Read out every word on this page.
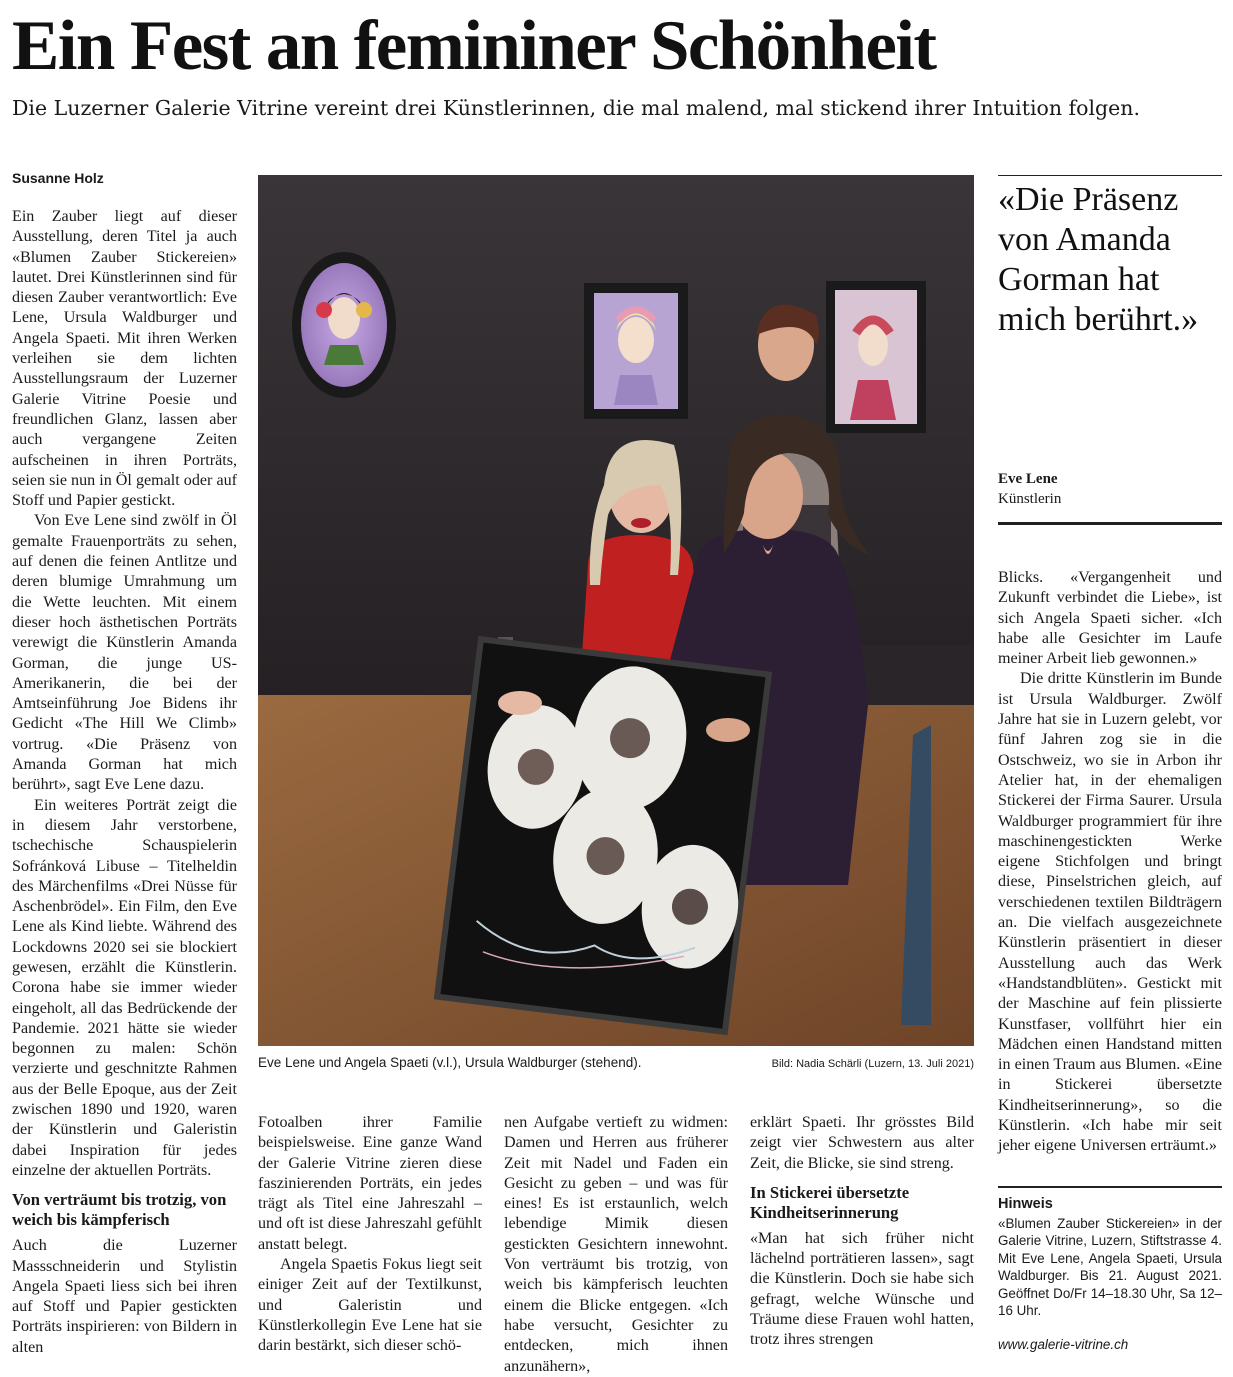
Ein Fest an femininer Schönheit

Die Luzerner Galerie Vitrine vereint drei Künstlerinnen, die mal malend, mal stickend ihrer Intuition folgen.

Susanne Holz

Ein Zauber liegt auf dieser Ausstellung, deren Titel ja auch «Blumen Zauber Stickereien» lautet. Drei Künstlerinnen sind für diesen Zauber verantwortlich: Eve Lene, Ursula Waldburger und Angela Spaeti. Mit ihren Werken verleihen sie dem lichten Ausstellungsraum der Luzerner Galerie Vitrine Poesie und freundlichen Glanz, lassen aber auch vergangene Zeiten aufscheinen in ihren Porträts, seien sie nun in Öl gemalt oder auf Stoff und Papier gestickt.

Von Eve Lene sind zwölf in Öl gemalte Frauenporträts zu sehen, auf denen die feinen Antlitze und deren blumige Umrahmung um die Wette leuchten. Mit einem dieser hoch ästhetischen Porträts verewigt die Künstlerin Amanda Gorman, die junge US-Amerikanerin, die bei der Amtseinführung Joe Bidens ihr Gedicht «The Hill We Climb» vortrug. «Die Präsenz von Amanda Gorman hat mich berührt», sagt Eve Lene dazu.

Ein weiteres Porträt zeigt die in diesem Jahr verstorbene, tschechische Schauspielerin Sofránková Libuse – Titelheldin des Märchenfilms «Drei Nüsse für Aschenbrödel». Ein Film, den Eve Lene als Kind liebte. Während des Lockdowns 2020 sei sie blockiert gewesen, erzählt die Künstlerin. Corona habe sie immer wieder eingeholt, all das Bedrückende der Pandemie. 2021 hätte sie wieder begonnen zu malen: Schön verzierte und geschnitzte Rahmen aus der Belle Epoque, aus der Zeit zwischen 1890 und 1920, waren der Künstlerin und Galeristin dabei Inspiration für jedes einzelne der aktuellen Porträts.

Von verträumt bis trotzig, von weich bis kämpferisch

Auch die Luzerner Massschneiderin und Stylistin Angela Spaeti liess sich bei ihren auf Stoff und Papier gestickten Porträts inspirieren: von Bildern in alten

Eve Lene und Angela Spaeti (v.l.), Ursula Waldburger (stehend).	Bild: Nadia Schärli (Luzern, 13. Juli 2021)
«Die Präsenz von Amanda Gorman hat mich berührt.»
Eve Lene
Künstlerin

Blicks. «Vergangenheit und Zukunft verbindet die Liebe», ist sich Angela Spaeti sicher. «Ich habe alle Gesichter im Laufe meiner Arbeit lieb gewonnen.»

Die dritte Künstlerin im Bunde ist Ursula Waldburger. Zwölf Jahre hat sie in Luzern gelebt, vor fünf Jahren zog sie in die Ostschweiz, wo sie in Arbon ihr Atelier hat, in der ehemaligen Stickerei der Firma Saurer. Ursula Waldburger programmiert für ihre maschinengestickten Werke eigene Stichfolgen und bringt diese, Pinselstrichen gleich, auf verschiedenen textilen Bildträgern an. Die vielfach ausgezeichnete Künstlerin präsentiert in dieser Ausstellung auch das Werk «Handstandblüten». Gestickt mit der Maschine auf fein plissierte Kunstfaser, vollführt hier ein Mädchen einen Handstand mitten in einen Traum aus Blumen. «Eine in Stickerei übersetzte Kindheitserinnerung», so die Künstlerin. «Ich habe mir seit jeher eigene Universen erträumt.»

Fotoalben ihrer Familie beispielsweise. Eine ganze Wand der Galerie Vitrine zieren diese faszinierenden Porträts, ein jedes trägt als Titel eine Jahreszahl – und oft ist diese Jahreszahl gefühlt anstatt belegt.

Angela Spaetis Fokus liegt seit einiger Zeit auf der Textilkunst, und Galeristin und Künstlerkollegin Eve Lene hat sie darin bestärkt, sich dieser schö-

nen Aufgabe vertieft zu widmen: Damen und Herren aus früherer Zeit mit Nadel und Faden ein Gesicht zu geben – und was für eines! Es ist erstaunlich, welch lebendige Mimik diesen gestickten Gesichtern innewohnt. Von verträumt bis trotzig, von weich bis kämpferisch leuchten einem die Blicke entgegen. «Ich habe versucht, Gesichter zu entdecken, mich ihnen anzunähern»,

erklärt Spaeti. Ihr grösstes Bild zeigt vier Schwestern aus alter Zeit, die Blicke, sie sind streng.

In Stickerei übersetzte Kindheitserinnerung

«Man hat sich früher nicht lächelnd porträtieren lassen», sagt die Künstlerin. Doch sie habe sich gefragt, welche Wünsche und Träume diese Frauen wohl hatten, trotz ihres strengen

Hinweis
«Blumen Zauber Stickereien» in der Galerie Vitrine, Luzern, Stiftstrasse 4. Mit Eve Lene, Angela Spaeti, Ursula Waldburger. Bis 21. August 2021. Geöffnet Do/Fr 14–18.30 Uhr, Sa 12–16 Uhr.
www.galerie-vitrine.ch
